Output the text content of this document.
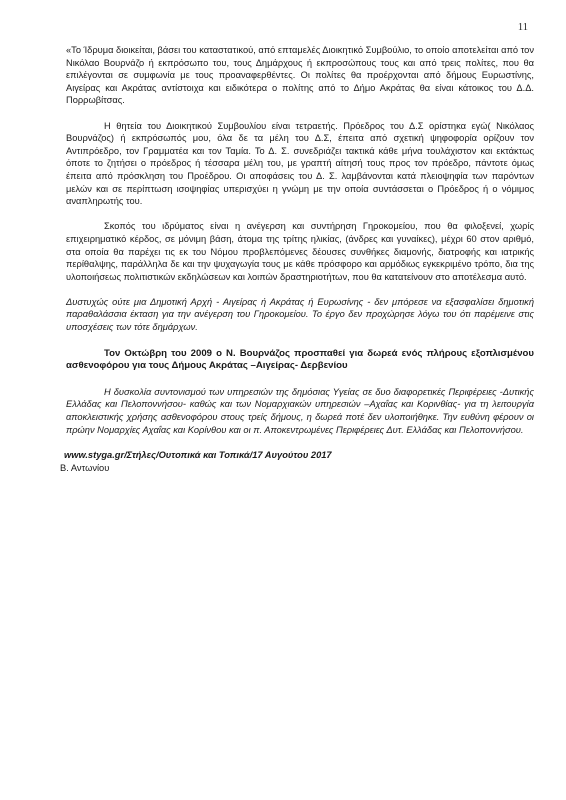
11

«Το Ίδρυμα διοικείται, βάσει του καταστατικού, από επταμελές Διοικητικό Συμβούλιο, το οποίο αποτελείται από τον Νικόλαο Βουρνάζο ή εκπρόσωπο του, τους Δημάρχους ή εκπροσώπους τους και από τρεις πολίτες, που θα επιλέγονται σε συμφωνία με τους προαναφερθέντες. Οι πολίτες θα προέρχονται από δήμους Ευρωστίνης, Αιγείρας και Ακράτας αντίστοιχα και ειδικότερα ο πολίτης από το Δήμο Ακράτας θα είναι κάτοικος του Δ.Δ. Πορρωβίτσας.

Η θητεία του Διοικητικού Συμβουλίου είναι τετραετής. Πρόεδρος του Δ.Σ ορίστηκα εγώ( Νικόλαος Βουρνάζος) ή εκπρόσωπός μου, όλα δε τα μέλη του Δ.Σ, έπειτα από σχετική ψηφοφορία ορίζουν τον Αντιπρόεδρο, τον Γραμματέα και τον Ταμία. Το Δ. Σ. συνεδριάζει τακτικά κάθε μήνα τουλάχιστον και εκτάκτως όποτε το ζητήσει ο πρόεδρος ή τέσσαρα μέλη του, με γραπτή αίτησή τους προς τον πρόεδρο, πάντοτε όμως έπειτα από πρόσκληση του Προέδρου. Οι αποφάσεις του Δ. Σ. λαμβάνονται κατά πλειοψηφία των παρόντων μελών και σε περίπτωση ισοψηφίας υπερισχύει η γνώμη με την οποία συντάσσεται ο Πρόεδρος ή ο νόμιμος αναπληρωτής του.

Σκοπός του ιδρύματος είναι η ανέγερση και συντήρηση Γηροκομείου, που θα φιλοξενεί, χωρίς επιχειρηματικό κέρδος, σε μόνιμη βάση, άτομα της τρίτης ηλικίας, (άνδρες και γυναίκες), μέχρι 60 στον αριθμό, στα οποία θα παρέχει τις εκ του Νόμου προβλεπόμενες δέουσες συνθήκες διαμονής, διατροφής και ιατρικής περίθαλψης, παράλληλα δε και την ψυχαγωγία τους με κάθε πρόσφορο και αρμόδιως εγκεκριμένο τρόπο, δια της υλοποιήσεως πολιτιστικών εκδηλώσεων και λοιπών δραστηριοτήτων, που θα κατατείνουν στο αποτέλεσμα αυτό.

Δυστυχώς ούτε μια Δημοτική Αρχή - Αιγείρας ή Ακράτας ή Ευρωσίνης - δεν μπόρεσε να εξασφαλίσει δημοτική παραθαλάσσια έκταση για την ανέγερση του Γηροκομείου. Το έργο δεν προχώρησε λόγω του ότι παρέμεινε στις υποσχέσεις των τότε δημάρχων.

Τον Οκτώβρη του 2009 ο Ν. Βουρνάζος προσπαθεί για δωρεά ενός πλήρους εξοπλισμένου ασθενοφόρου για τους Δήμους Ακράτας –Αιγείρας- Δερβενίου

Η δυσκολία συντονισμού των υπηρεσιών της δημόσιας Υγείας σε δυο διαφορετικές Περιφέρειες -Δυτικής Ελλάδας και Πελοποννήσου- καθώς και των Νομαρχιακών υπηρεσιών –Αχαΐας και Κορινθίας- για τη λειτουργία αποκλειστικής χρήσης ασθενοφόρου στους τρείς δήμους, η δωρεά ποτέ δεν υλοποιήθηκε. Την ευθύνη φέρουν οι πρώην Νομαρχίες Αχαΐας και Κορίνθου και οι π. Αποκεντρωμένες Περιφέρειες Δυτ. Ελλάδας και Πελοποννήσου.

www.styga.gr/Στήλες/Ουτοπικά και Τοπικά/17 Αυγούτου 2017

Β. Αντωνίου
